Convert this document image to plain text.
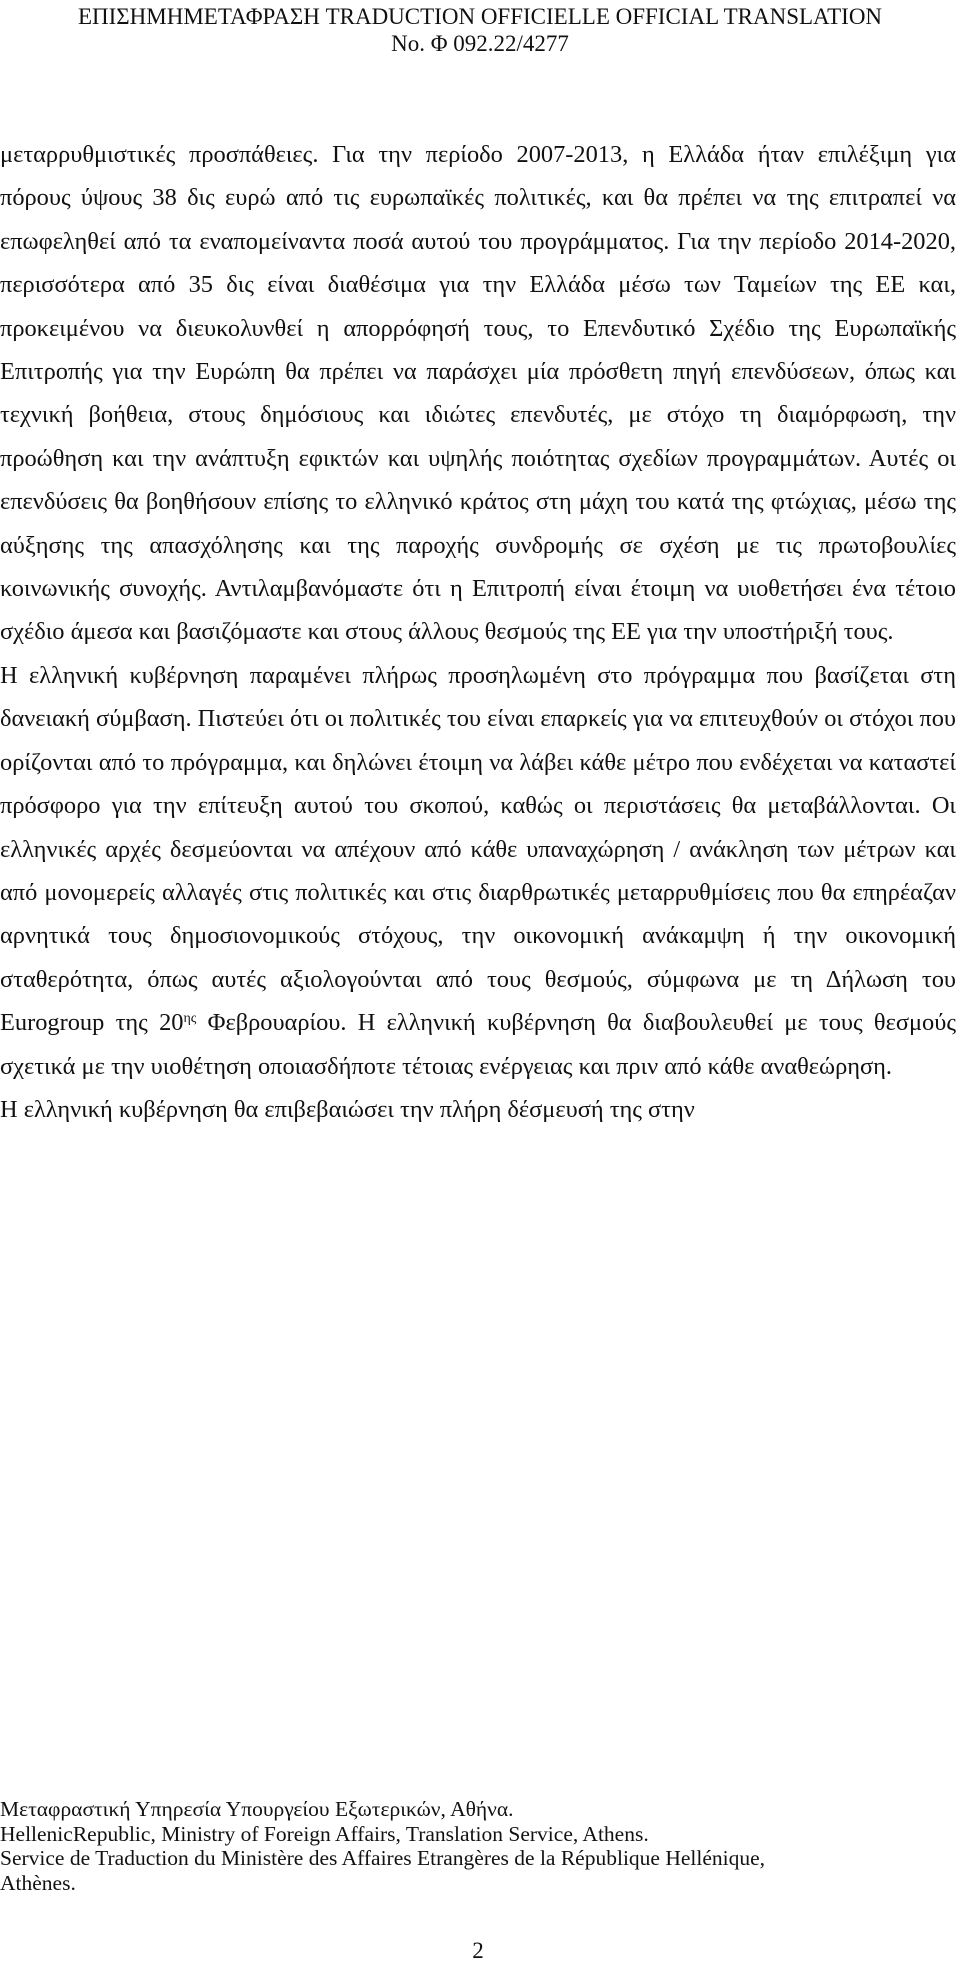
ΕΠΙΣΗΜΗΜΕΤΑΦΡΑΣΗ TRADUCTION OFFICIELLE OFFICIAL TRANSLATION
No. Φ 092.22/4277

μεταρρυθμιστικές προσπάθειες. Για την περίοδο 2007-2013, η Ελλάδα ήταν επιλέξιμη για πόρους ύψους 38 δις ευρώ από τις ευρωπαϊκές πολιτικές, και θα πρέπει να της επιτραπεί να επωφεληθεί από τα εναπομείναντα ποσά αυτού του προγράμματος. Για την περίοδο 2014-2020, περισσότερα από 35 δις είναι διαθέσιμα για την Ελλάδα μέσω των Ταμείων της ΕΕ και, προκειμένου να διευκολυνθεί η απορρόφησή τους, το Επενδυτικό Σχέδιο της Ευρωπαϊκής Επιτροπής για την Ευρώπη θα πρέπει να παράσχει μία πρόσθετη πηγή επενδύσεων, όπως και τεχνική βοήθεια, στους δημόσιους και ιδιώτες επενδυτές, με στόχο τη διαμόρφωση, την προώθηση και την ανάπτυξη εφικτών και υψηλής ποιότητας σχεδίων προγραμμάτων. Αυτές οι επενδύσεις θα βοηθήσουν επίσης το ελληνικό κράτος στη μάχη του κατά της φτώχιας, μέσω της αύξησης της απασχόλησης και της παροχής συνδρομής σε σχέση με τις πρωτοβουλίες κοινωνικής συνοχής. Αντιλαμβανόμαστε ότι η Επιτροπή είναι έτοιμη να υιοθετήσει ένα τέτοιο σχέδιο άμεσα και βασιζόμαστε και στους άλλους θεσμούς της ΕΕ για την υποστήριξή τους.

Η ελληνική κυβέρνηση παραμένει πλήρως προσηλωμένη στο πρόγραμμα που βασίζεται στη δανειακή σύμβαση. Πιστεύει ότι οι πολιτικές του είναι επαρκείς για να επιτευχθούν οι στόχοι που ορίζονται από το πρόγραμμα, και δηλώνει έτοιμη να λάβει κάθε μέτρο που ενδέχεται να καταστεί πρόσφορο για την επίτευξη αυτού του σκοπού, καθώς οι περιστάσεις θα μεταβάλλονται. Οι ελληνικές αρχές δεσμεύονται να απέχουν από κάθε υπαναχώρηση / ανάκληση των μέτρων και από μονομερείς αλλαγές στις πολιτικές και στις διαρθρωτικές μεταρρυθμίσεις που θα επηρέαζαν αρνητικά τους δημοσιονομικούς στόχους, την οικονομική ανάκαμψη ή την οικονομική σταθερότητα, όπως αυτές αξιολογούνται από τους θεσμούς, σύμφωνα με τη Δήλωση του Eurogroup της $20^{\eta\varsigma}$ Φεβρουαρίου. Η ελληνική κυβέρνηση θα διαβουλευθεί με τους θεσμούς σχετικά με την υιοθέτηση οποιασδήποτε τέτοιας ενέργειας και πριν από κάθε αναθεώρηση.

Η ελληνική κυβέρνηση θα επιβεβαιώσει την πλήρη δέσμευσή της στην

Μεταφραστική Υπηρεσία Υπουργείου Εξωτερικών, Αθήνα.
HellenicRepublic, Ministry of Foreign Affairs, Translation Service, Athens.
Service de Traduction du Ministère des Affaires Etrangères de la République Hellénique,
Athènes.
2
